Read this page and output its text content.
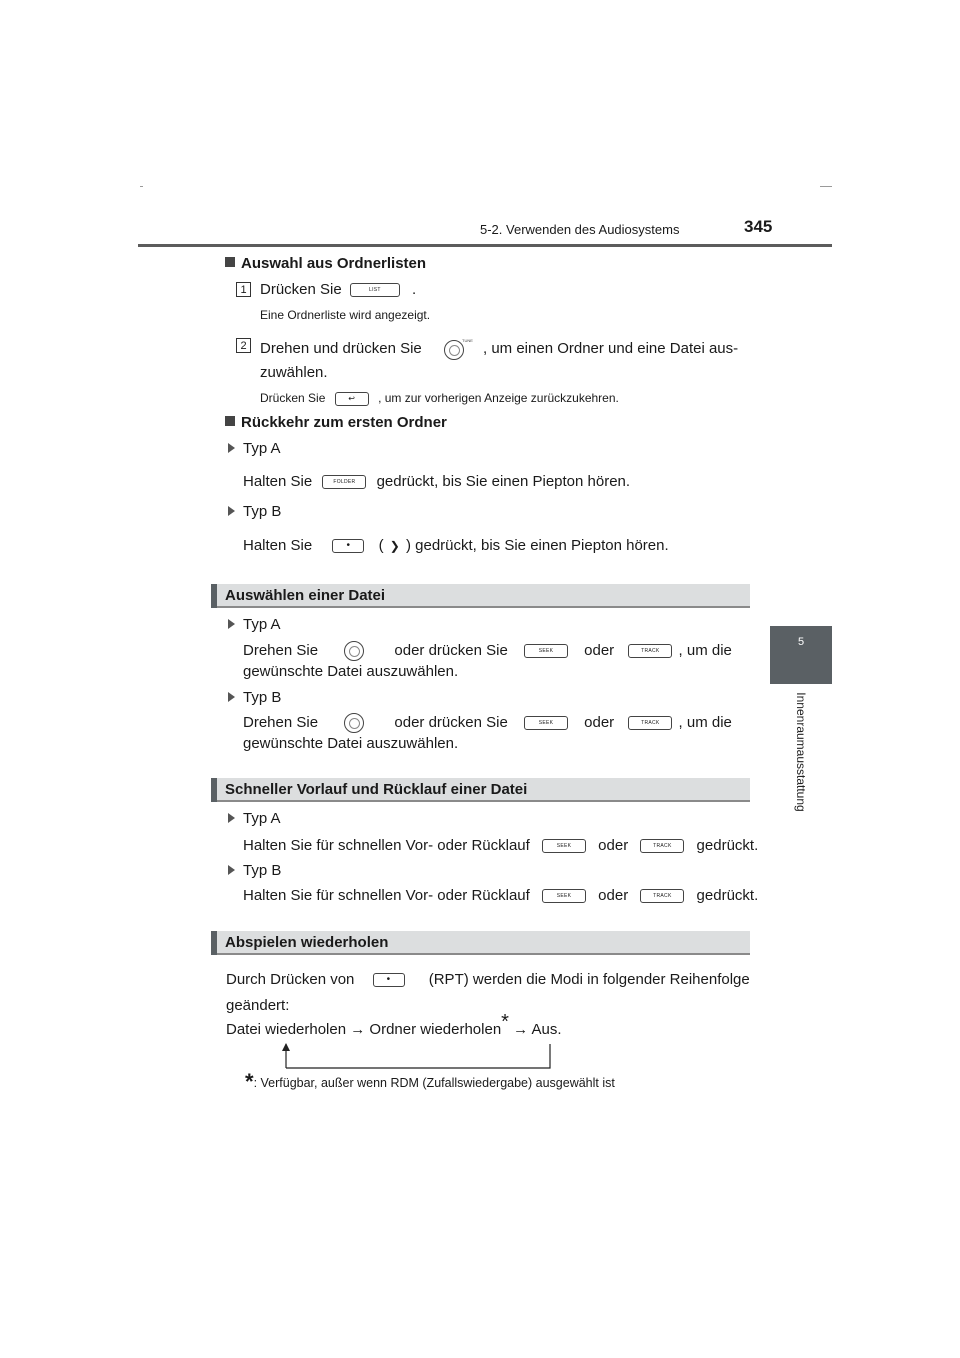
5-2. Verwenden des Audiosystems	345
5
Innenraumausstattung
Auswahl aus Ordnerlisten
1 Drücken Sie	LIST .
Eine Ordnerliste wird angezeigt.
2 Drehen und drücken Sie	TUNE , um einen Ordner und eine Datei aus-
zuwählen.
Drücken Sie	↩ , um zur vorherigen Anzeige zurückzukehren.
Rückkehr zum ersten Ordner
Typ A
Halten Sie	FOLDER gedrückt, bis Sie einen Piepton hören.
Typ B
Halten Sie	• ( ❯ ) gedrückt, bis Sie einen Piepton hören.
Auswählen einer Datei
Typ A
Drehen Sie	oder drücken Sie	SEEK oder	TRACK , um die
gewünschte Datei auszuwählen.
Typ B
Drehen Sie	oder drücken Sie	SEEK oder	TRACK , um die
gewünschte Datei auszuwählen.
Schneller Vorlauf und Rücklauf einer Datei
Typ A
Halten Sie für schnellen Vor- oder Rücklauf	SEEK oder	TRACK gedrückt.
Typ B
Halten Sie für schnellen Vor- oder Rücklauf	SEEK oder	TRACK gedrückt.
Abspielen wiederholen
Durch Drücken von	•	(RPT) werden die Modi in folgender Reihenfolge
geändert:
Datei wiederholen → Ordner wiederholen* → Aus.
*: Verfügbar, außer wenn RDM (Zufallswiedergabe) ausgewählt ist
